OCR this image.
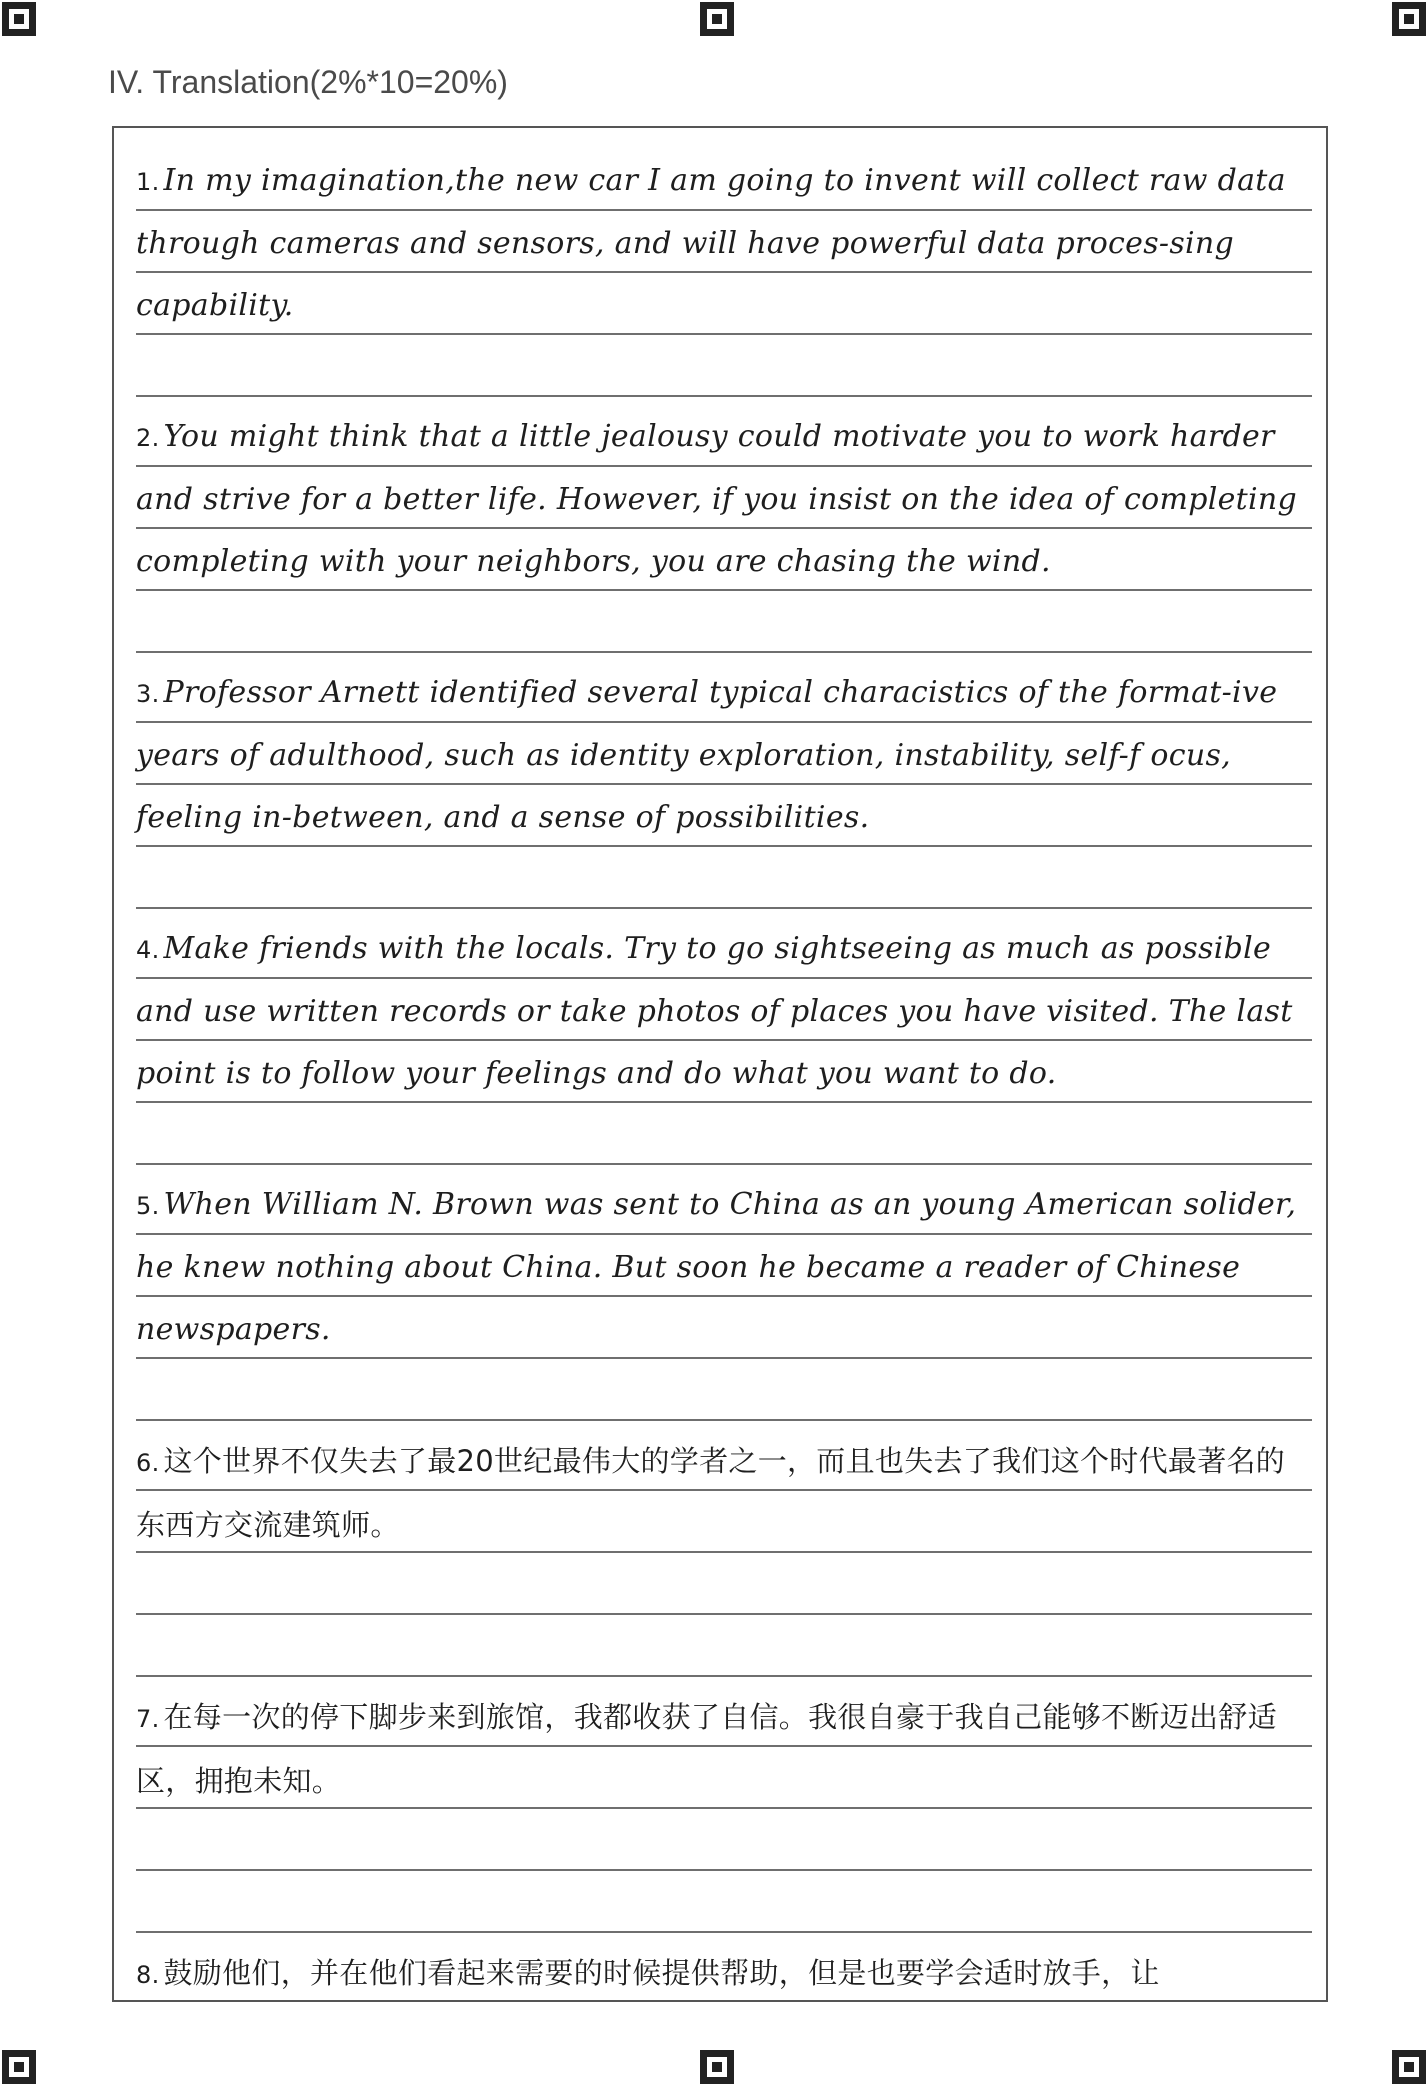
IV. Translation(2%*10=20%)
1. In my imagination,the new car I am going to invent will collect raw data through cameras and sensors, and will have powerful data proces-sing capability.
2. You might think that a little jealousy could motivate you to work harder and strive for a better life. However, if you insist on the idea of completing completing with your neighbors, you are chasing the wind.
3. Professor Arnett identified several typical characistics of the format-ive years of adulthood, such as identity exploration, instability, self-f ocus, feeling in-between, and a sense of possibilities.
4. Make friends with the locals. Try to go sightseeing as much as possible and use written records or take photos of places you have visited. The last point is to follow your feelings and do what you want to do.
5. When William N. Brown was sent to China as an young American solider, he knew nothing about China. But soon he became a reader of Chinese newspapers.
6. 这个世界不仅失去了最20世纪最伟大的学者之一，而且也失去了我们这个时代最著名的东西方交流建筑师。
7. 在每一次的停下脚步来到旅馆，我都收获了自信。我很自豪于我自己能够不断迈出舒适区，拥抱未知。
8. 鼓励他们，并在他们看起来需要的时候提供帮助，但是也要学会适时放手，让
